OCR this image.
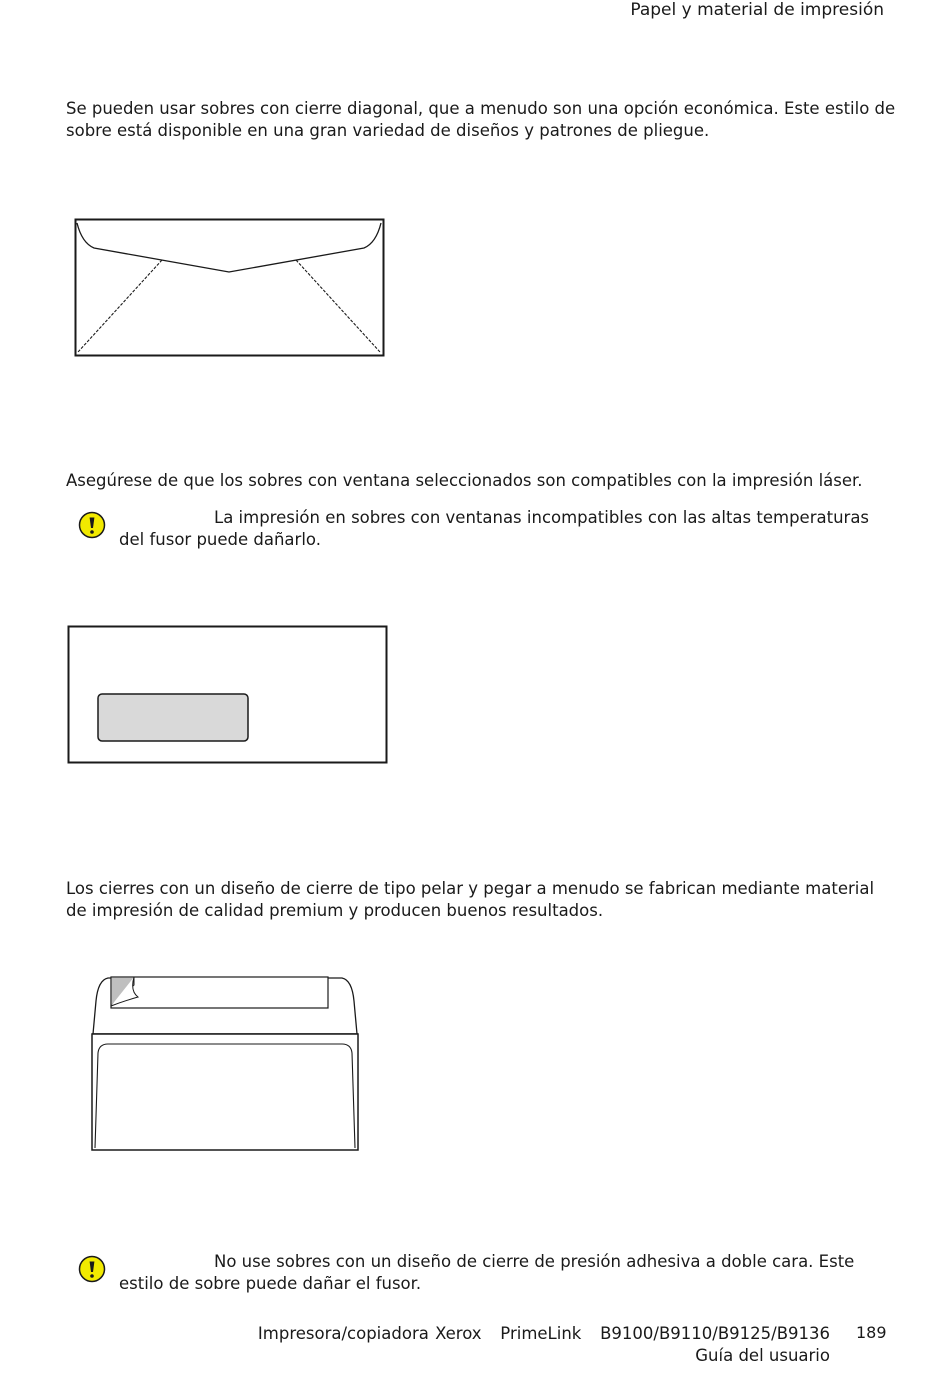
Papel y material de impresión
Se pueden usar sobres con cierre diagonal, que a menudo son una opción económica. Este estilo de sobre está disponible en una gran variedad de diseños y patrones de pliegue.
Asegúrese de que los sobres con ventana seleccionados son compatibles con la impresión láser.
La impresión en sobres con ventanas incompatibles con las altas temperaturas del fusor puede dañarlo.
Los cierres con un diseño de cierre de tipo pelar y pegar a menudo se fabrican mediante material de impresión de calidad premium y producen buenos resultados.
No use sobres con un diseño de cierre de presión adhesiva a doble cara. Este estilo de sobre puede dañar el fusor.
Impresora/copiadora Xerox   PrimeLink   B9100/B9110/B9125/B9136
Guía del usuario
189
